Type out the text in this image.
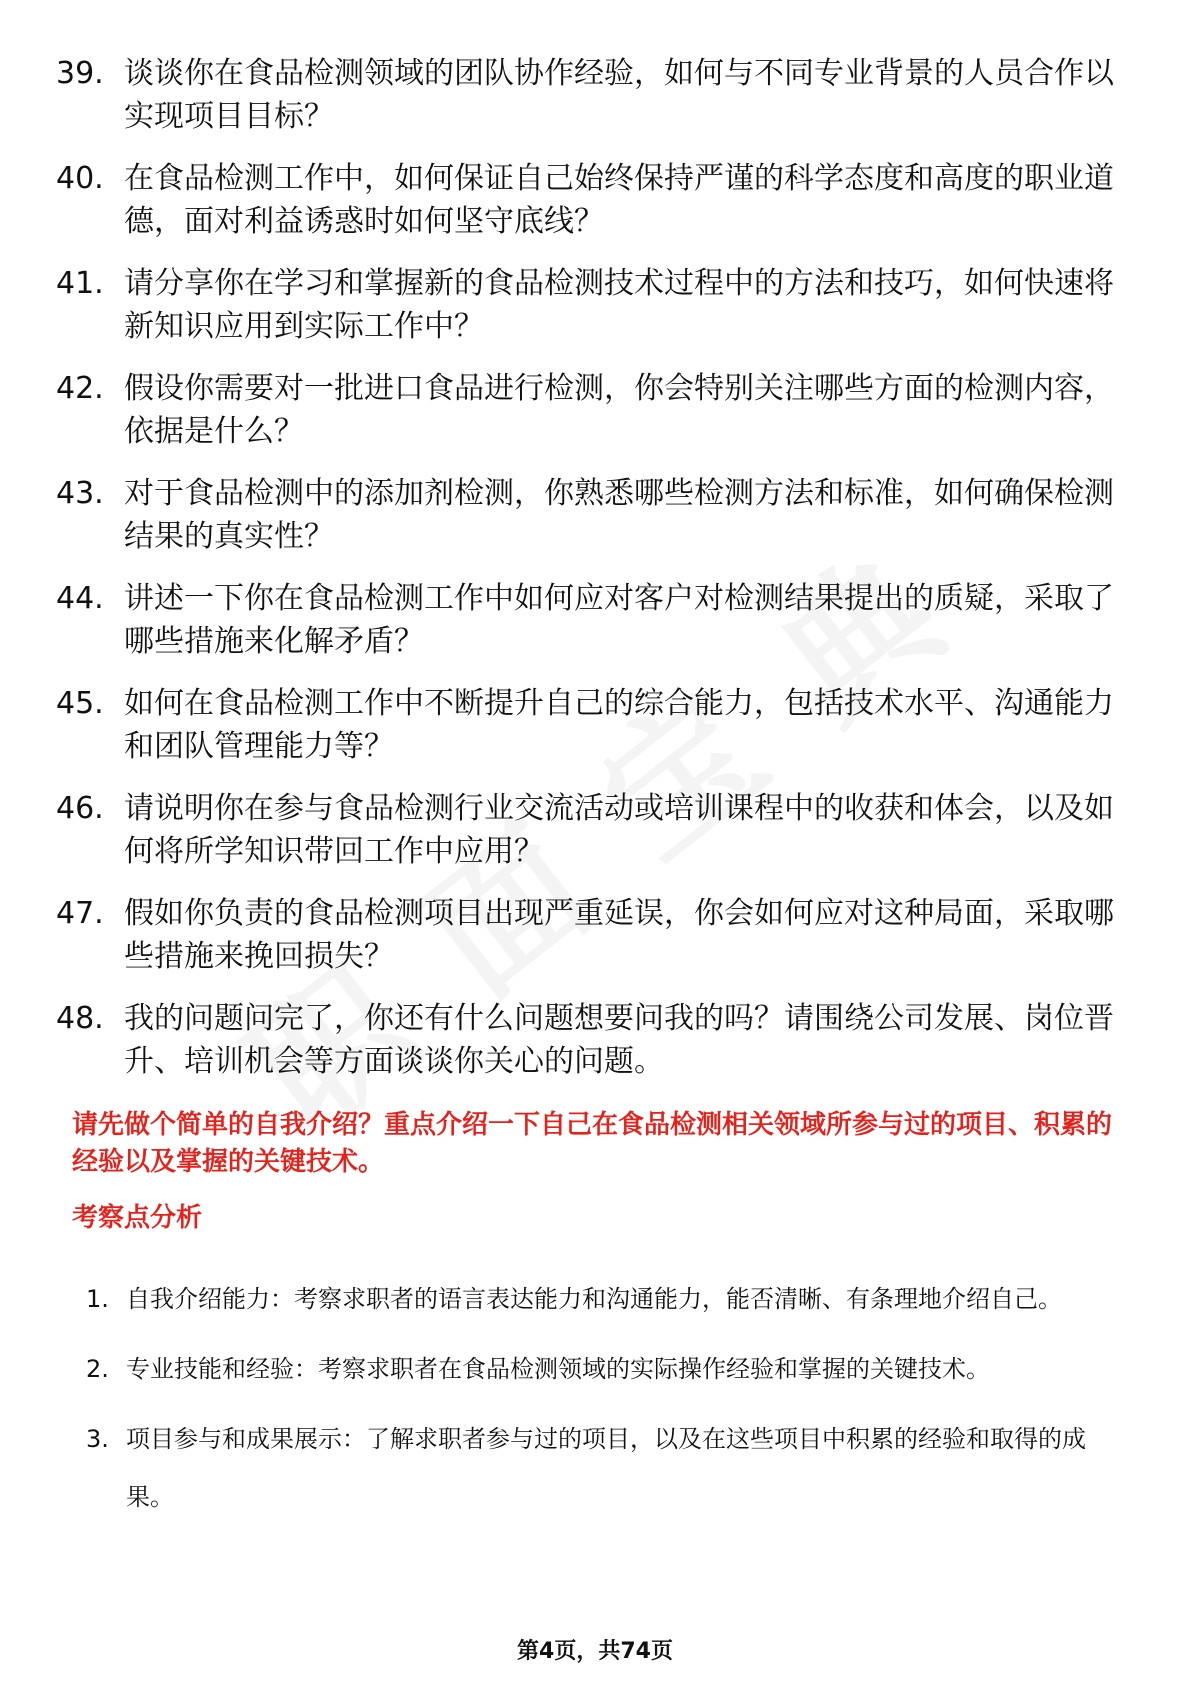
39. 谈谈你在食品检测领域的团队协作经验，如何与不同专业背景的人员合作以实现项目目标？
40. 在食品检测工作中，如何保证自己始终保持严谨的科学态度和高度的职业道德，面对利益诱惑时如何坚守底线？
41. 请分享你在学习和掌握新的食品检测技术过程中的方法和技巧，如何快速将新知识应用到实际工作中？
42. 假设你需要对一批进口食品进行检测，你会特别关注哪些方面的检测内容，依据是什么？
43. 对于食品检测中的添加剂检测，你熟悉哪些检测方法和标准，如何确保检测结果的真实性？
44. 讲述一下你在食品检测工作中如何应对客户对检测结果提出的质疑，采取了哪些措施来化解矛盾？
45. 如何在食品检测工作中不断提升自己的综合能力，包括技术水平、沟通能力和团队管理能力等？
46. 请说明你在参与食品检测行业交流活动或培训课程中的收获和体会，以及如何将所学知识带回工作中应用？
47. 假如你负责的食品检测项目出现严重延误，你会如何应对这种局面，采取哪些措施来挽回损失？
48. 我的问题问完了，你还有什么问题想要问我的吗？请围绕公司发展、岗位晋升、培训机会等方面谈谈你关心的问题。
请先做个简单的自我介绍？重点介绍一下自己在食品检测相关领域所参与过的项目、积累的经验以及掌握的关键技术。
考察点分析
1. 自我介绍能力：考察求职者的语言表达能力和沟通能力，能否清晰、有条理地介绍自己。
2. 专业技能和经验：考察求职者在食品检测领域的实际操作经验和掌握的关键技术。
3. 项目参与和成果展示：了解求职者参与过的项目，以及在这些项目中积累的经验和取得的成果。
第4页，共74页
